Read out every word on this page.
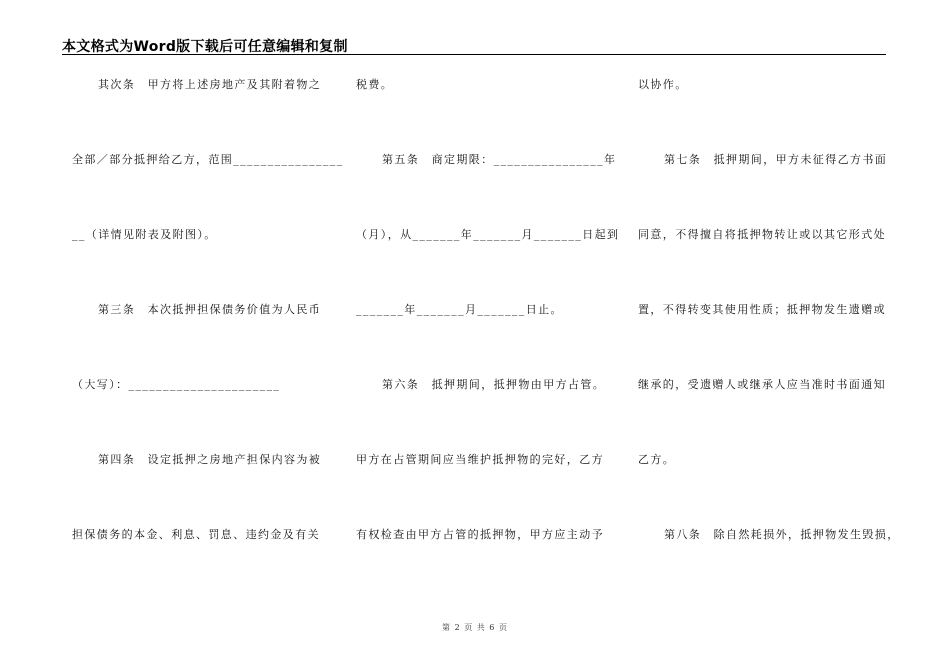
本文格式为Word版下载后可任意编辑和复制
其次条　甲方将上述房地产及其附着物之
全部／部分抵押给乙方，范围________________
__（详情见附表及附图）。
第三条　本次抵押担保债务价值为人民币
（大写）：______________________
第四条　设定抵押之房地产担保内容为被
担保债务的本金、利息、罚息、违约金及有关
税费。
第五条　商定期限：________________年
（月），从_______年_______月_______日起到
_______年_______月_______日止。
第六条　抵押期间，抵押物由甲方占管。
甲方在占管期间应当维护抵押物的完好，乙方
有权检查由甲方占管的抵押物，甲方应主动予
以协作。
第七条　抵押期间，甲方未征得乙方书面
同意，不得擅自将抵押物转让或以其它形式处
置，不得转变其使用性质；抵押物发生遗赠或
继承的，受遗赠人或继承人应当准时书面通知
乙方。
第八条　除自然耗损外，抵押物发生毁损，
第 2 页 共 6 页
